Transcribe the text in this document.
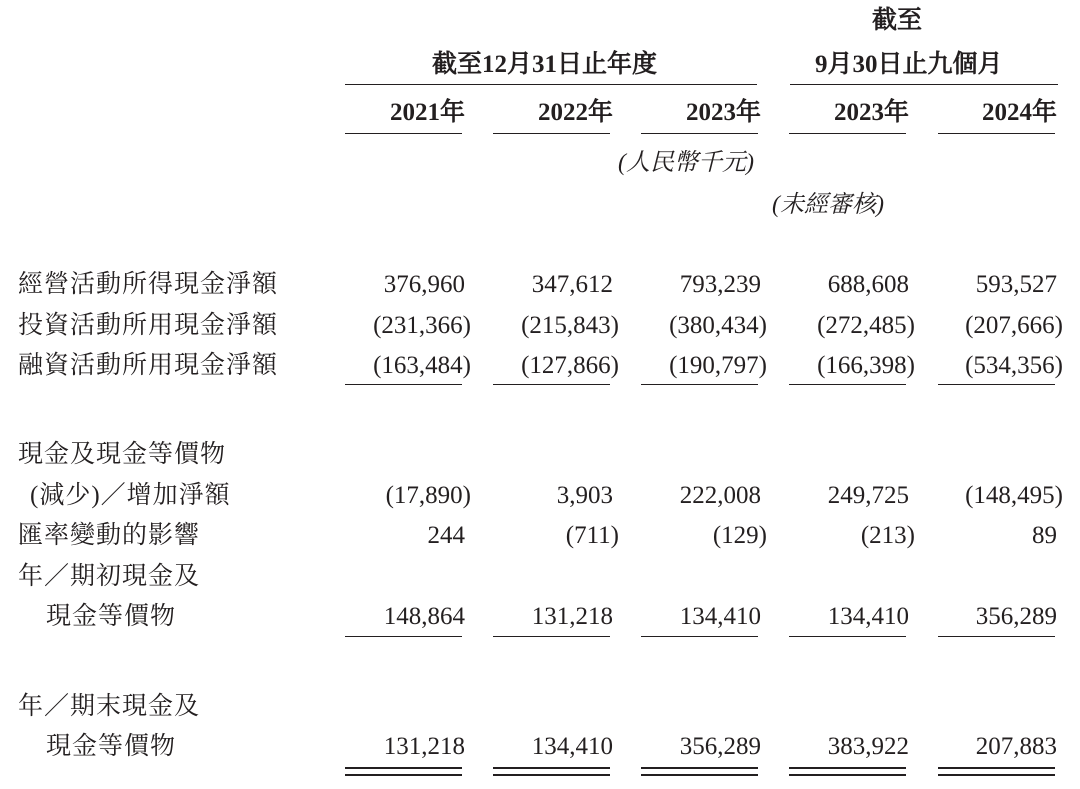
截至
截至12月31日止年度	9月30日止九個月
2021年	2022年	2023年	2023年	2024年
(人民幣千元)
(未經審核)
經營活動所得現金淨額	376,960	347,612	793,239	688,608	593,527
投資活動所用現金淨額	(231,366)	(215,843)	(380,434)	(272,485)	(207,666)
融資活動所用現金淨額	(163,484)	(127,866)	(190,797)	(166,398)	(534,356)
現金及現金等價物
(減少)／增加淨額	(17,890)	3,903	222,008	249,725	(148,495)
匯率變動的影響	244	(711)	(129)	(213)	89
年／期初現金及
現金等價物	148,864	131,218	134,410	134,410	356,289
年／期末現金及
現金等價物	131,218	134,410	356,289	383,922	207,883
